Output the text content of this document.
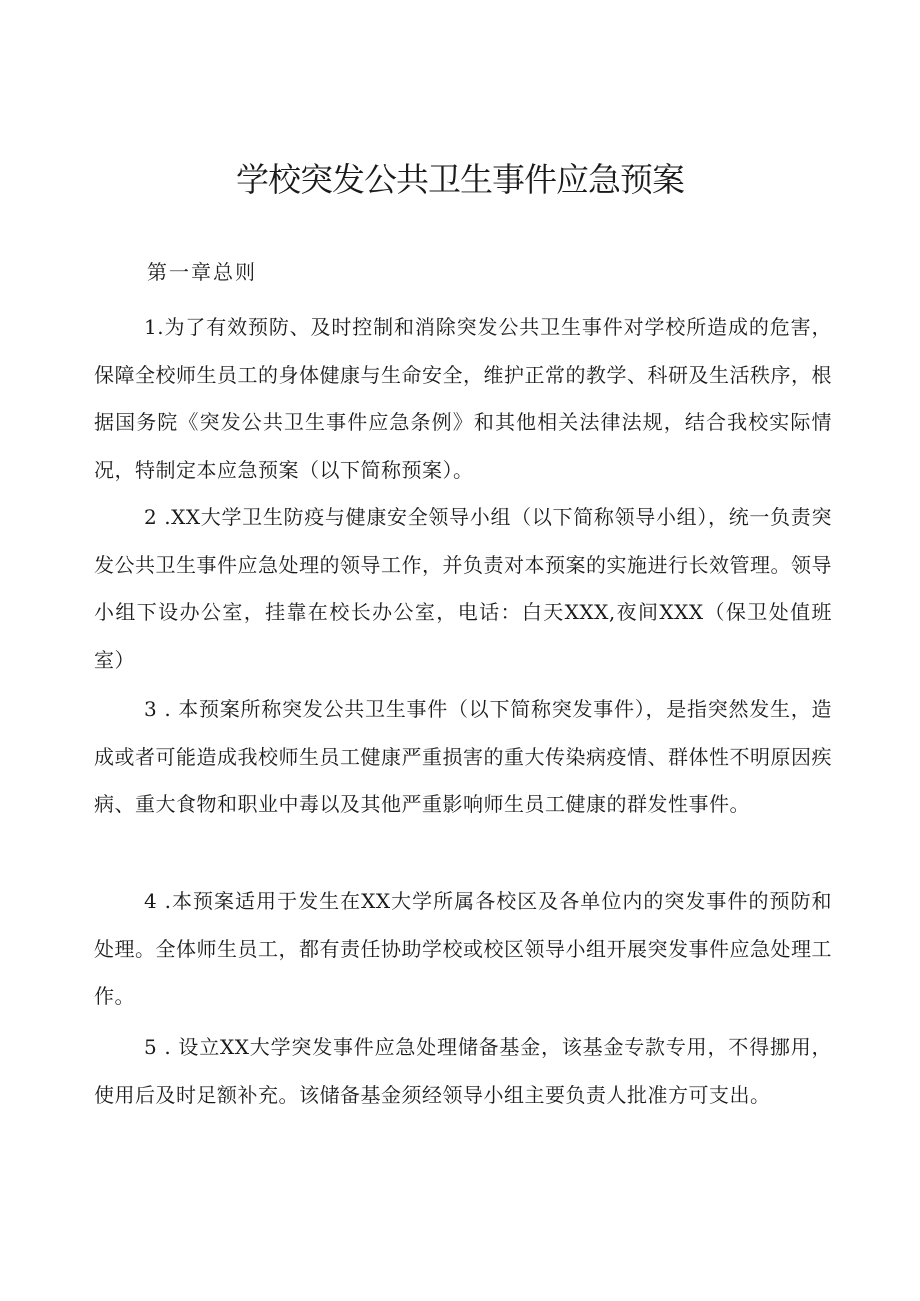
学校突发公共卫生事件应急预案
第一章总则

1.为了有效预防、及时控制和消除突发公共卫生事件对学校所造成的危害，保障全校师生员工的身体健康与生命安全，维护正常的教学、科研及生活秩序，根据国务院《突发公共卫生事件应急条例》和其他相关法律法规，结合我校实际情况，特制定本应急预案（以下简称预案）。

2 .XX大学卫生防疫与健康安全领导小组（以下简称领导小组），统一负责突发公共卫生事件应急处理的领导工作，并负责对本预案的实施进行长效管理。领导小组下设办公室，挂靠在校长办公室，电话：白天XXX,夜间XXX（保卫处值班室）

3 . 本预案所称突发公共卫生事件（以下简称突发事件），是指突然发生，造成或者可能造成我校师生员工健康严重损害的重大传染病疫情、群体性不明原因疾病、重大食物和职业中毒以及其他严重影响师生员工健康的群发性事件。

4 .本预案适用于发生在XX大学所属各校区及各单位内的突发事件的预防和处理。全体师生员工，都有责任协助学校或校区领导小组开展突发事件应急处理工作。

5 . 设立XX大学突发事件应急处理储备基金，该基金专款专用，不得挪用，使用后及时足额补充。该储备基金须经领导小组主要负责人批准方可支出。
